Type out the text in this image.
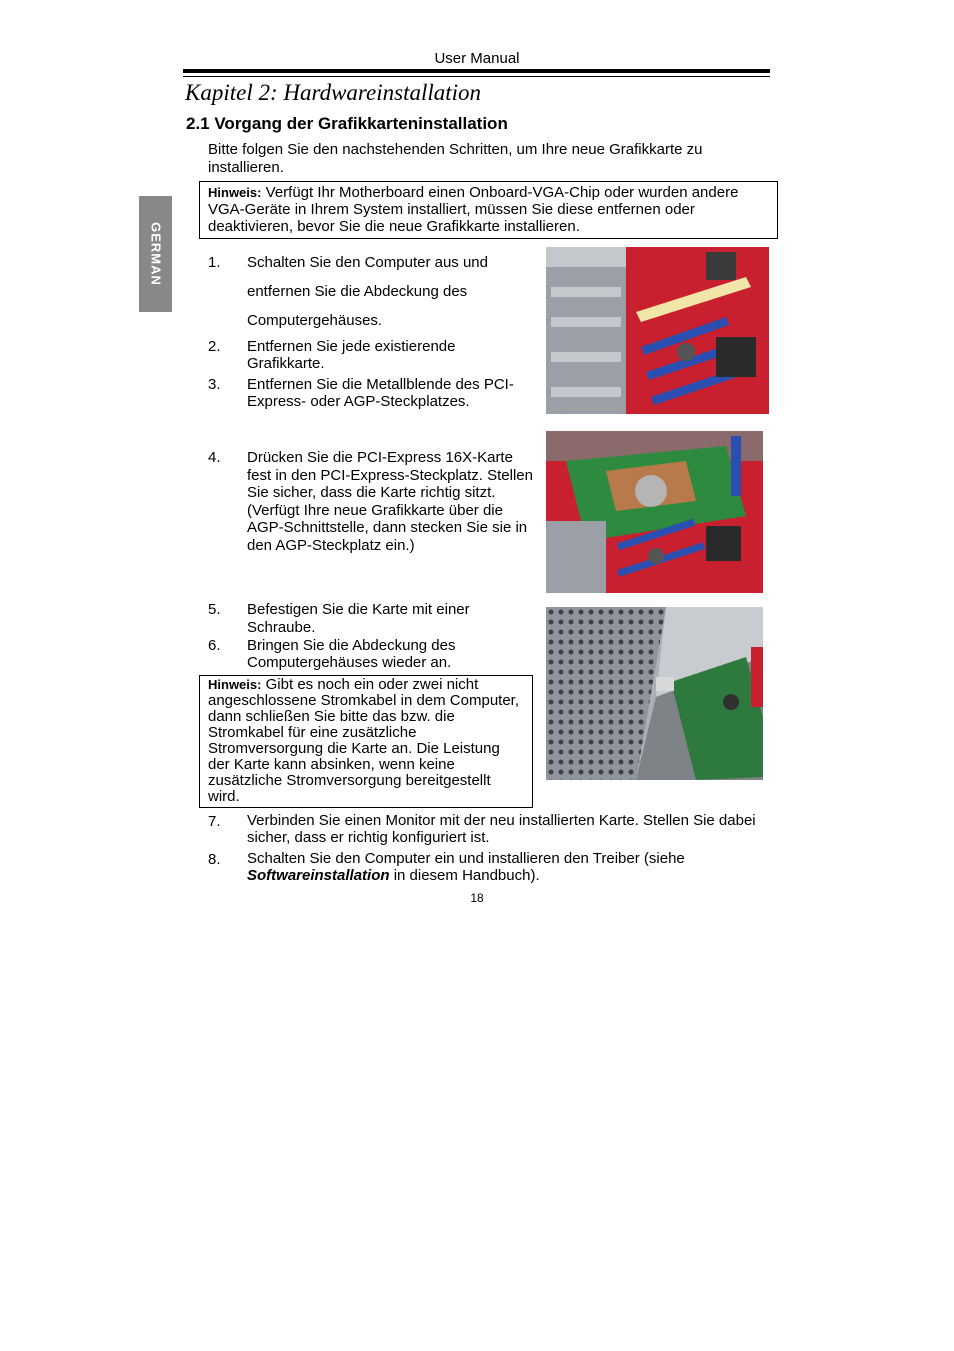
User Manual
Kapitel 2: Hardwareinstallation
2.1 Vorgang der Grafikkarteninstallation
Bitte folgen Sie den nachstehenden Schritten, um Ihre neue Grafikkarte zu installieren.
GERMAN
Hinweis: Verfügt Ihr Motherboard einen Onboard-VGA-Chip oder wurden andere VGA-Geräte in Ihrem System installiert, müssen Sie diese entfernen oder deaktivieren, bevor Sie die neue Grafikkarte installieren.
1. Schalten Sie den Computer aus und
entfernen Sie die Abdeckung des
Computergehäuses.
2. Entfernen Sie jede existierende Grafikkarte.
3. Entfernen Sie die Metallblende des PCI-Express- oder AGP-Steckplatzes.
4. Drücken Sie die PCI-Express 16X-Karte fest in den PCI-Express-Steckplatz. Stellen Sie sicher, dass die Karte richtig sitzt. (Verfügt Ihre neue Grafikkarte über die AGP-Schnittstelle, dann stecken Sie sie in den AGP-Steckplatz ein.)
5. Befestigen Sie die Karte mit einer Schraube.
6. Bringen Sie die Abdeckung des Computergehäuses wieder an.
Hinweis: Gibt es noch ein oder zwei nicht angeschlossene Stromkabel in dem Computer, dann schließen Sie bitte das bzw. die Stromkabel für eine zusätzliche Stromversorgung die Karte an. Die Leistung der Karte kann absinken, wenn keine zusätzliche Stromversorgung bereitgestellt wird.
7. Verbinden Sie einen Monitor mit der neu installierten Karte. Stellen Sie dabei sicher, dass er richtig konfiguriert ist.
8. Schalten Sie den Computer ein und installieren den Treiber (siehe Softwareinstallation in diesem Handbuch).
18
